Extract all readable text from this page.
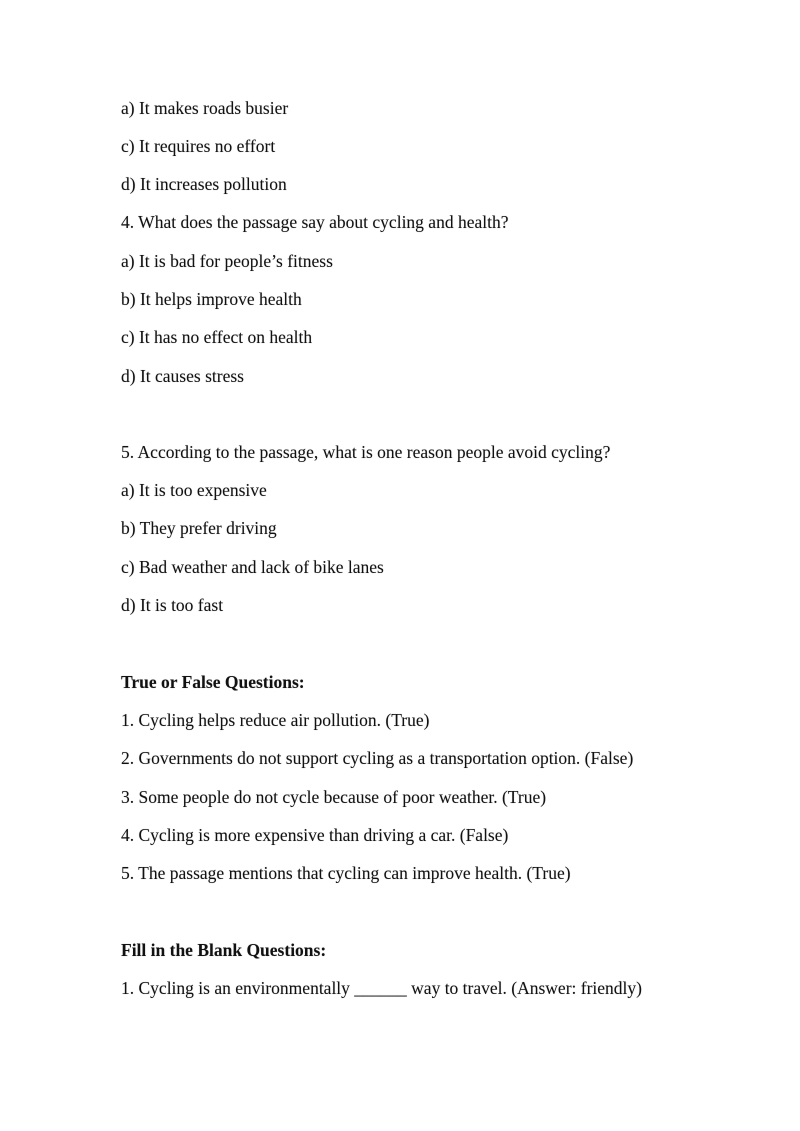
a) It makes roads busier
c) It requires no effort
d) It increases pollution
4. What does the passage say about cycling and health?
a) It is bad for people’s fitness
b) It helps improve health
c) It has no effect on health
d) It causes stress
5. According to the passage, what is one reason people avoid cycling?
a) It is too expensive
b) They prefer driving
c) Bad weather and lack of bike lanes
d) It is too fast
True or False Questions:
1. Cycling helps reduce air pollution. (True)
2. Governments do not support cycling as a transportation option. (False)
3. Some people do not cycle because of poor weather. (True)
4. Cycling is more expensive than driving a car. (False)
5. The passage mentions that cycling can improve health. (True)
Fill in the Blank Questions:
1. Cycling is an environmentally ______ way to travel. (Answer: friendly)
